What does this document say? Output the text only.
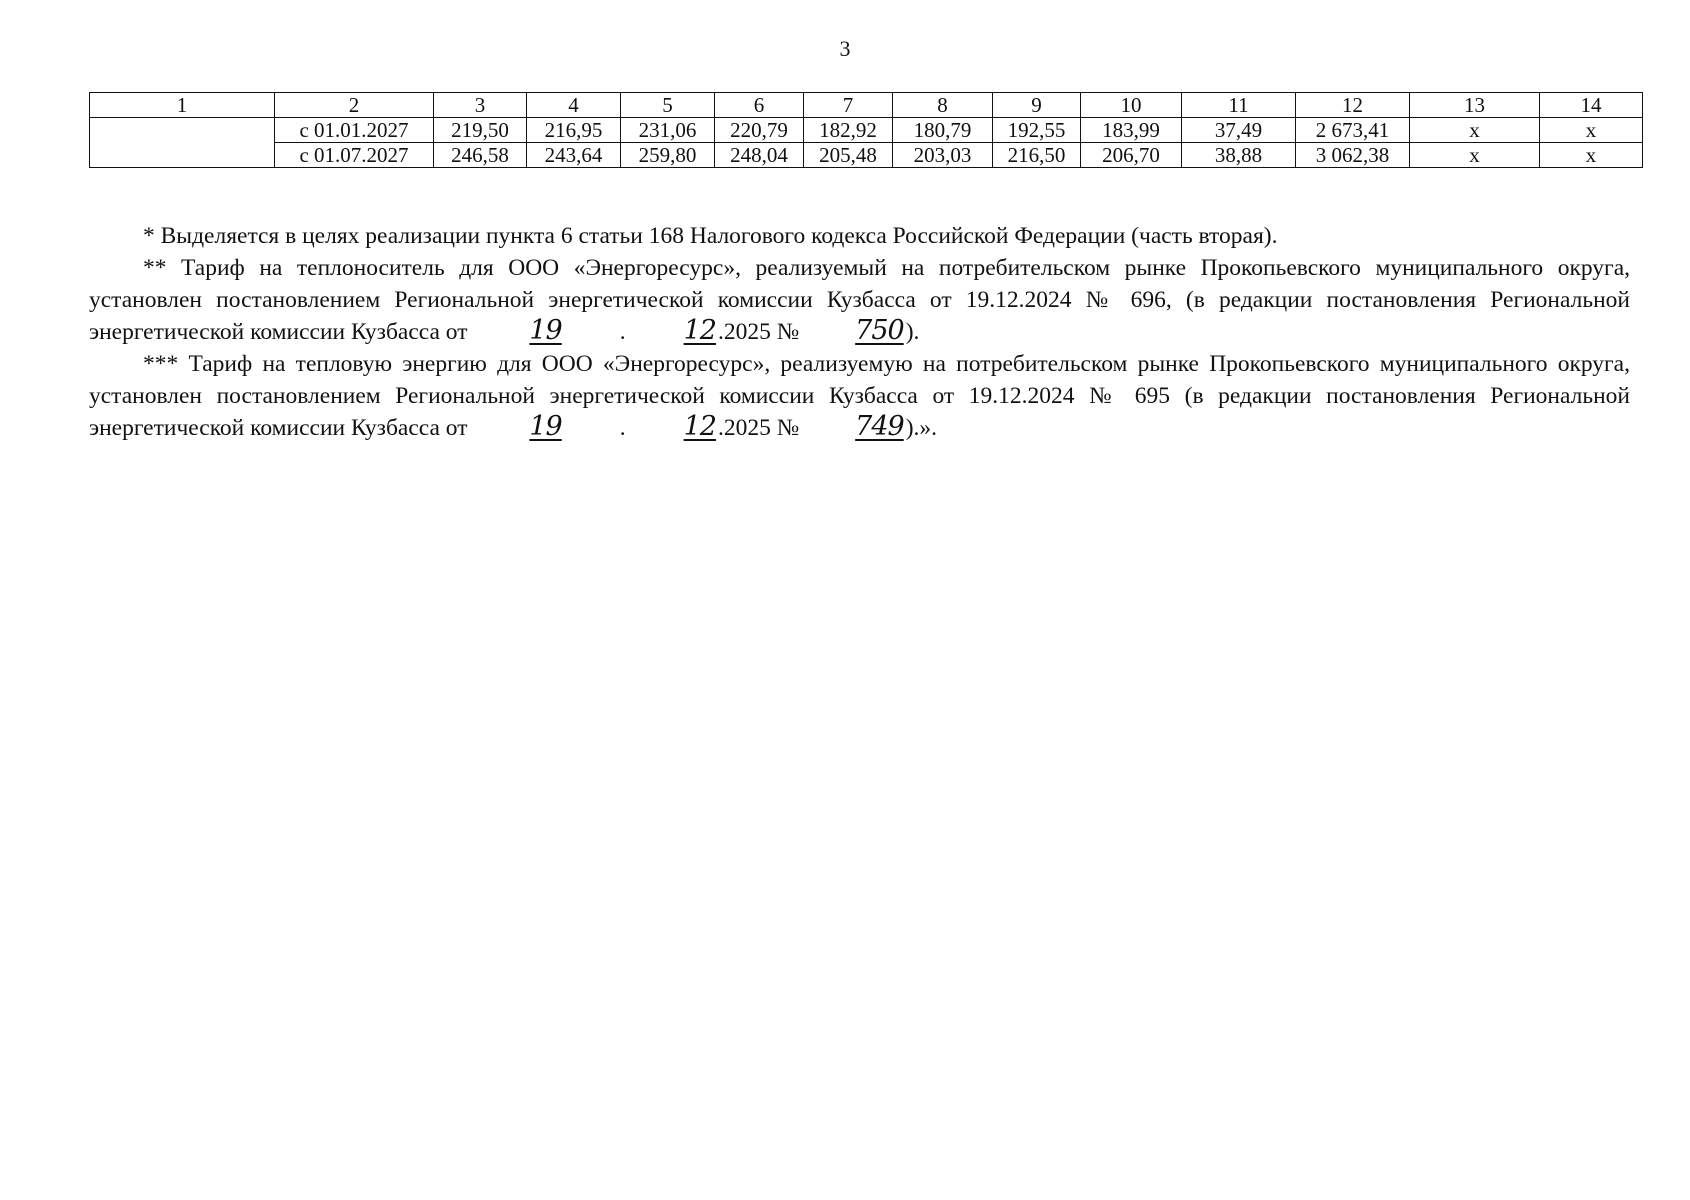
3
1	2	3	4	5	6	7	8	9	10	11	12	13	14
	с 01.01.2027	219,50	216,95	231,06	220,79	182,92	180,79	192,55	183,99	37,49	2 673,41	x	x
	с 01.07.2027	246,58	243,64	259,80	248,04	205,48	203,03	216,50	206,70	38,88	3 062,38	x	x

* Выделяется в целях реализации пункта 6 статьи 168 Налогового кодекса Российской Федерации (часть вторая).

** Тариф на теплоноситель для ООО «Энергоресурс», реализуемый на потребительском рынке Прокопьевского муниципального округа, установлен постановлением Региональной энергетической комиссии Кузбасса от 19.12.2024 № 696, (в редакции постановления Региональной энергетической комиссии Кузбасса от 19 . 12.2025 № 750).

*** Тариф на тепловую энергию для ООО «Энергоресурс», реализуемую на потребительском рынке Прокопьевского муниципального округа, установлен постановлением Региональной энергетической комиссии Кузбасса от 19.12.2024 № 695 (в редакции постановления Региональной энергетической комиссии Кузбасса от 19 . 12.2025 № 749).».
